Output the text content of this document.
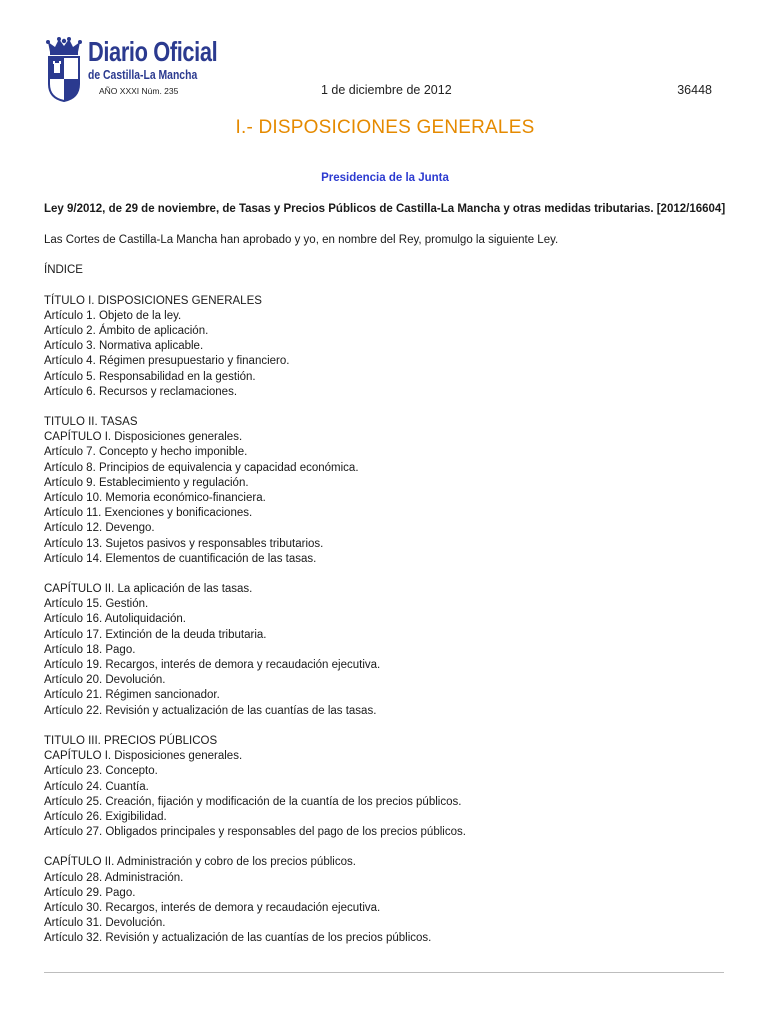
Diario Oficial
de Castilla-La Mancha
AÑO XXXI Núm. 235	1 de diciembre de 2012	36448
I.- DISPOSICIONES GENERALES
Presidencia de la Junta

Ley 9/2012, de 29 de noviembre, de Tasas y Precios Públicos de Castilla-La Mancha y otras medidas tributarias. [2012/16604]

Las Cortes de Castilla-La Mancha han aprobado y yo, en nombre del Rey, promulgo la siguiente Ley.

ÍNDICE

TÍTULO I. DISPOSICIONES GENERALES
Artículo 1. Objeto de la ley.
Artículo 2. Ámbito de aplicación.
Artículo 3. Normativa aplicable.
Artículo 4. Régimen presupuestario y financiero.
Artículo 5. Responsabilidad en la gestión.
Artículo 6. Recursos y reclamaciones.
TITULO II. TASAS
CAPÍTULO I. Disposiciones generales.
Artículo 7. Concepto y hecho imponible.
Artículo 8. Principios de equivalencia y capacidad económica.
Artículo 9. Establecimiento y regulación.
Artículo 10. Memoria económico-financiera.
Artículo 11. Exenciones y bonificaciones.
Artículo 12. Devengo.
Artículo 13. Sujetos pasivos y responsables tributarios.
Artículo 14. Elementos de cuantificación de las tasas.
CAPÍTULO II. La aplicación de las tasas.
Artículo 15. Gestión.
Artículo 16. Autoliquidación.
Artículo 17. Extinción de la deuda tributaria.
Artículo 18. Pago.
Artículo 19. Recargos, interés de demora y recaudación ejecutiva.
Artículo 20. Devolución.
Artículo 21. Régimen sancionador.
Artículo 22. Revisión y actualización de las cuantías de las tasas.
TITULO III. PRECIOS PÚBLICOS
CAPÍTULO I. Disposiciones generales.
Artículo 23. Concepto.
Artículo 24. Cuantía.
Artículo 25. Creación, fijación y modificación de la cuantía de los precios públicos.
Artículo 26. Exigibilidad.
Artículo 27. Obligados principales y responsables del pago de los precios públicos.
CAPÍTULO II. Administración y cobro de los precios públicos.
Artículo 28. Administración.
Artículo 29. Pago.
Artículo 30. Recargos, interés de demora y recaudación ejecutiva.
Artículo 31. Devolución.
Artículo 32. Revisión y actualización de las cuantías de los precios públicos.
